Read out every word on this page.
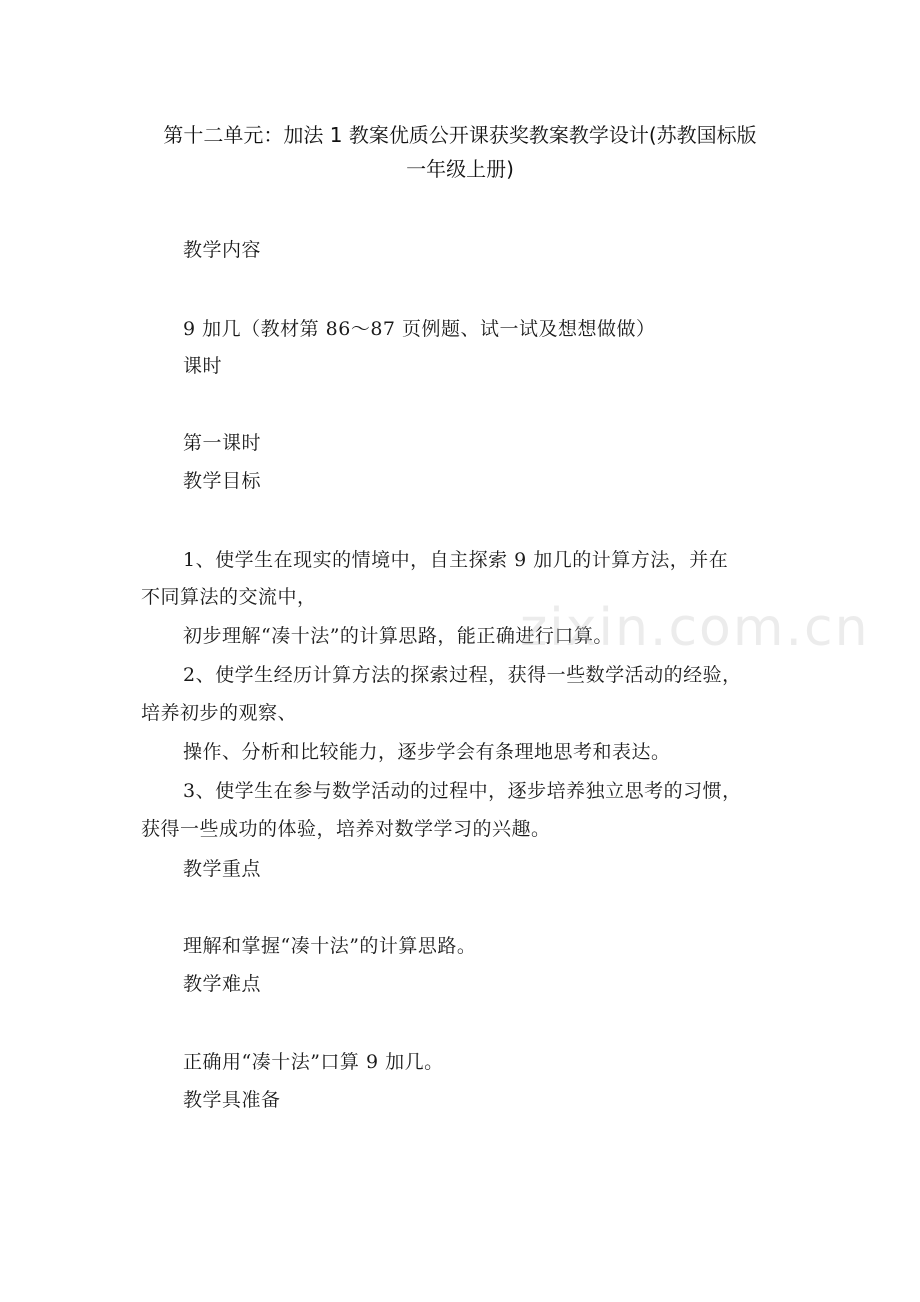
第十二单元：加法 1 教案优质公开课获奖教案教学设计(苏教国标版
一年级上册)
教学内容
9 加几（教材第 86～87 页例题、试一试及想想做做）
课时
第一课时
教学目标
1、使学生在现实的情境中，自主探索 9 加几的计算方法，并在
不同算法的交流中，
初步理解“凑十法”的计算思路，能正确进行口算。
2、使学生经历计算方法的探索过程，获得一些数学活动的经验，
培养初步的观察、
操作、分析和比较能力，逐步学会有条理地思考和表达。
3、使学生在参与数学活动的过程中，逐步培养独立思考的习惯，
获得一些成功的体验，培养对数学学习的兴趣。
教学重点
理解和掌握“凑十法”的计算思路。
教学难点
正确用“凑十法”口算 9 加几。
教学具准备
zixin.com.cn
